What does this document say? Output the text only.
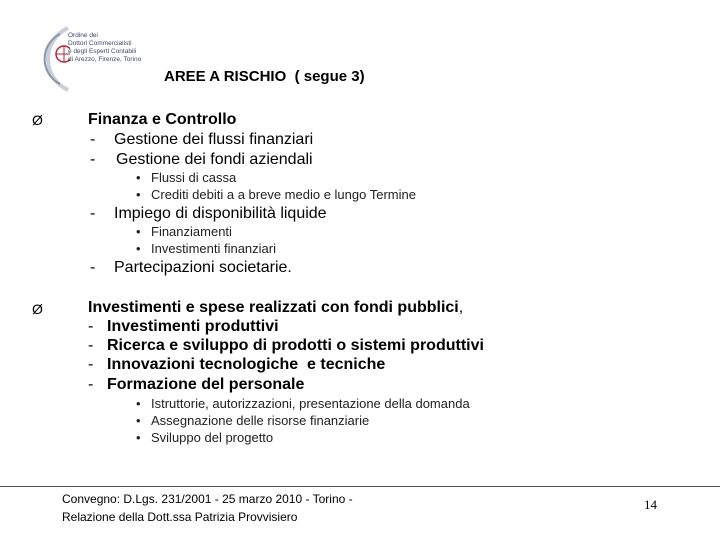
Ordine dei
Dottori Commercialisti
e degli Esperti Contabili
di Arezzo, Firenze, Torino
AREE A RISCHIO  ( segue 3)
Ø	Finanza e Controllo
- Gestione dei flussi finanziari
- Gestione dei fondi aziendali
• Flussi di cassa
• Crediti debiti a a breve medio e lungo Termine
- Impiego di disponibilità liquide
• Finanziamenti
• Investimenti finanziari
- Partecipazioni societarie.
Ø	Investimenti e spese realizzati con fondi pubblici,
- Investimenti produttivi
- Ricerca e sviluppo di prodotti o sistemi produttivi
- Innovazioni tecnologiche  e tecniche
- Formazione del personale
• Istruttorie, autorizzazioni, presentazione della domanda
• Assegnazione delle risorse finanziarie
• Sviluppo del progetto
Convegno: D.Lgs. 231/2001 - 25 marzo 2010 - Torino -
Relazione della Dott.ssa Patrizia Provvisiero
14
